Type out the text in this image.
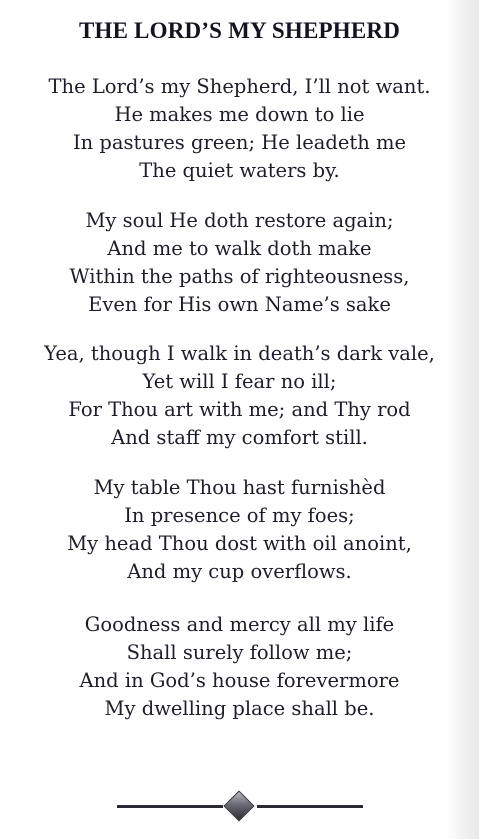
THE LORD’S MY SHEPHERD
The Lord’s my Shepherd, I’ll not want.
He makes me down to lie
In pastures green; He leadeth me
The quiet waters by.
My soul He doth restore again;
And me to walk doth make
Within the paths of righteousness,
Even for His own Name’s sake
Yea, though I walk in death’s dark vale,
Yet will I fear no ill;
For Thou art with me; and Thy rod
And staff my comfort still.
My table Thou hast furnishèd
In presence of my foes;
My head Thou dost with oil anoint,
And my cup overflows.
Goodness and mercy all my life
Shall surely follow me;
And in God’s house forevermore
My dwelling place shall be.
